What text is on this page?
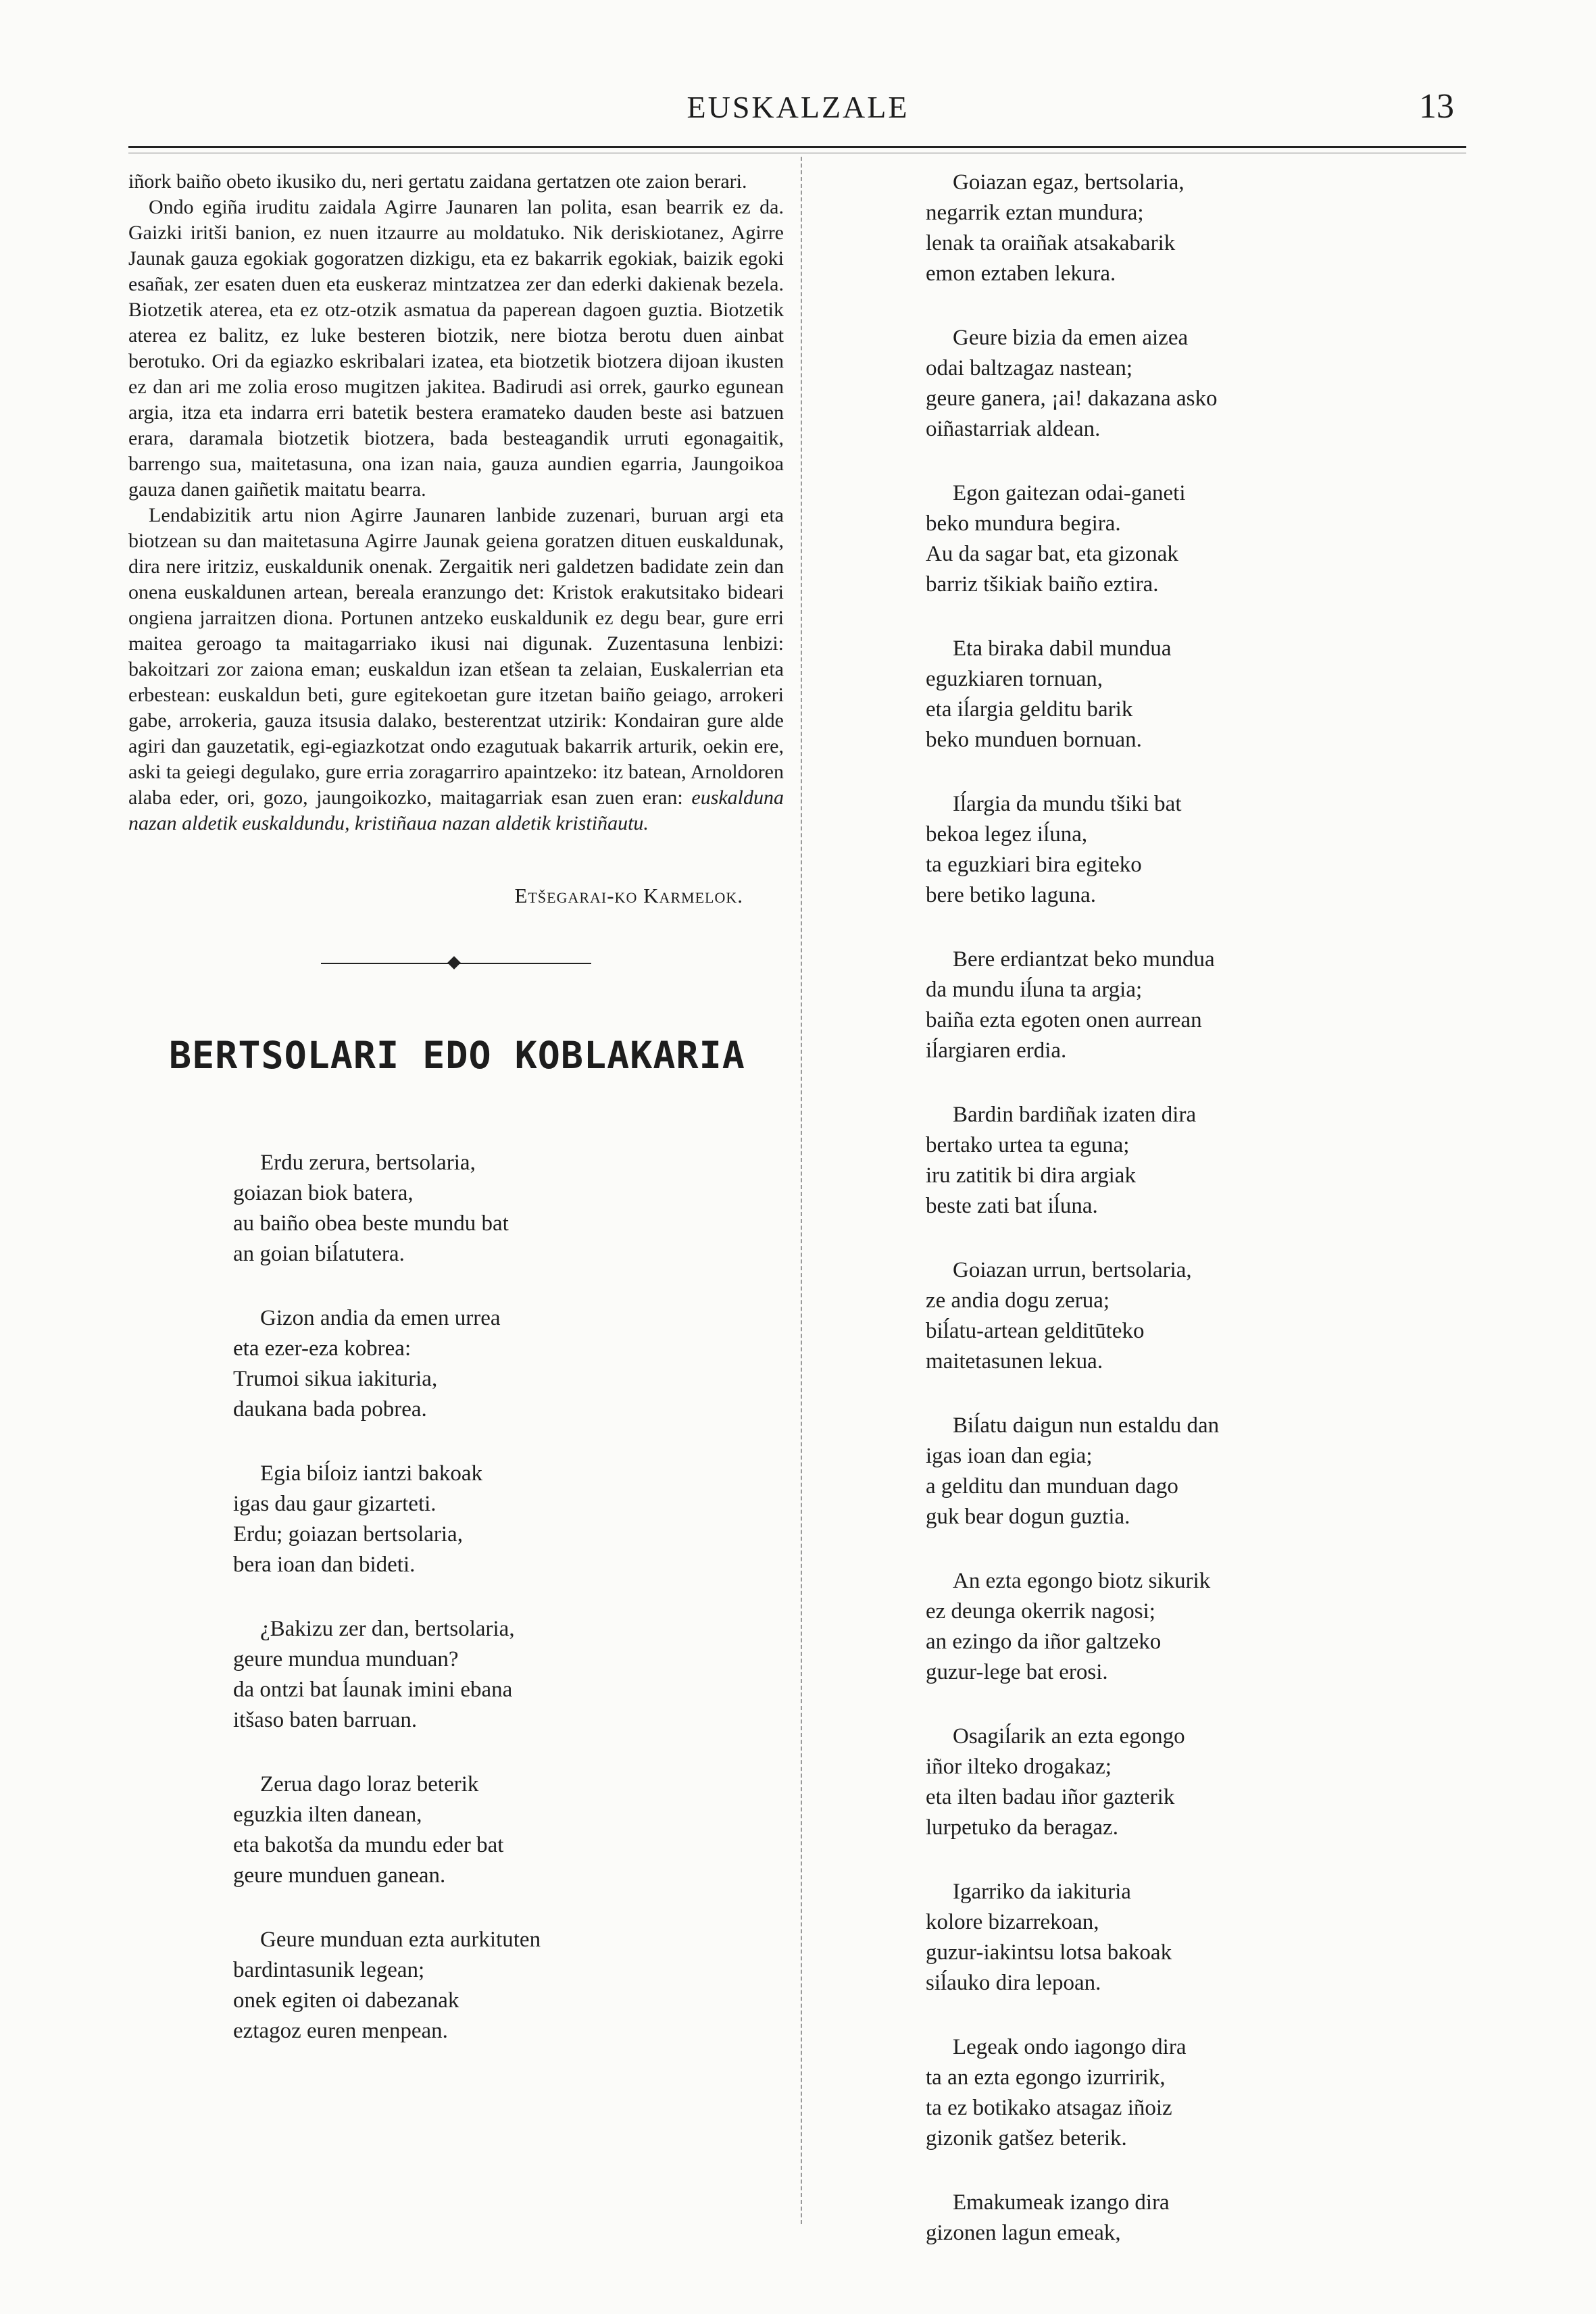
EUSKALZALE	13

iñork baiño obeto ikusiko du, neri gertatu zaidana gertatzen ote zaion berari.

Ondo egiña iruditu zaidala Agirre Jaunaren lan polita, esan bearrik ez da. Gaizki iritši banion, ez nuen itzaurre au moldatuko. Nik deriskiotanez, Agirre Jaunak gauza egokiak gogoratzen dizkigu, eta ez bakarrik egokiak, baizik egoki esañak, zer esaten duen eta euskeraz mintzatzea zer dan ederki dakienak bezela. Biotzetik aterea, eta ez otz-otzik asmatua da paperean dagoen guztia. Biotzetik aterea ez balitz, ez luke besteren biotzik, nere biotza berotu duen ainbat berotuko. Ori da egiazko eskribalari izatea, eta biotzetik biotzera dijoan ikusten ez dan ari me zolia eroso mugitzen jakitea. Badirudi asi orrek, gaurko egunean argia, itza eta indarra erri batetik bestera eramateko dauden beste asi batzuen erara, daramala biotzetik biotzera, bada besteagandik urruti egonagaitik, barrengo sua, maitetasuna, ona izan naia, gauza aundien egarria, Jaungoikoa gauza danen gaiñetik maitatu bearra.

Lendabizitik artu nion Agirre Jaunaren lanbide zuzenari, buruan argi eta biotzean su dan maitetasuna Agirre Jaunak geiena goratzen dituen euskaldunak, dira nere iritziz, euskaldunik onenak. Zergaitik neri galdetzen badidate zein dan onena euskaldunen artean, bereala eranzungo det: Kristok erakutsitako bideari ongiena jarraitzen diona. Portunen antzeko euskaldunik ez degu bear, gure erri maitea geroago ta maitagarriako ikusi nai digunak. Zuzentasuna lenbizi: bakoitzari zor zaiona eman; euskaldun izan etšean ta zelaian, Euskalerrian eta erbestean: euskaldun beti, gure egitekoetan gure itzetan baiño geiago, arrokeri gabe, arrokeria, gauza itsusia dalako, besterentzat utzirik: Kondairan gure alde agiri dan gauzetatik, egi-egiazkotzat ondo ezagutuak bakarrik arturik, oekin ere, aski ta geiegi degulako, gure erria zoragarriro apaintzeko: itz batean, Arnoldoren alaba eder, ori, gozo, jaungoikozko, maitagarriak esan zuen eran: euskalduna nazan aldetik euskaldundu, kristiñaua nazan aldetik kristiñautu.

Etšegarai-ko Karmelok.
BERTSOLARI EDO KOBLAKARIA
Erdu zerura, bertsolaria,
goiazan biok batera,
au baiño obea beste mundu bat
an goian biĺatutera.
Gizon andia da emen urrea
eta ezer-eza kobrea:
Trumoi sikua iakituria,
daukana bada pobrea.
Egia biĺoiz iantzi bakoak
igas dau gaur gizarteti.
Erdu; goiazan bertsolaria,
bera ioan dan bideti.
¿Bakizu zer dan, bertsolaria,
geure mundua munduan?
da ontzi bat ĺaunak imini ebana
itšaso baten barruan.
Zerua dago loraz beterik
eguzkia ilten danean,
eta bakotša da mundu eder bat
geure munduen ganean.
Geure munduan ezta aurkituten
bardintasunik legean;
onek egiten oi dabezanak
eztagoz euren menpean.
Goiazan egaz, bertsolaria,
negarrik eztan mundura;
lenak ta oraiñak atsakabarik
emon eztaben lekura.
Geure bizia da emen aizea
odai baltzagaz nastean;
geure ganera, ¡ai! dakazana asko
oiñastarriak aldean.
Egon gaitezan odai-ganeti
beko mundura begira.
Au da sagar bat, eta gizonak
barriz tšikiak baiño eztira.
Eta biraka dabil mundua
eguzkiaren tornuan,
eta iĺargia gelditu barik
beko munduen bornuan.
Iĺargia da mundu tšiki bat
bekoa legez iĺuna,
ta eguzkiari bira egiteko
bere betiko laguna.
Bere erdiantzat beko mundua
da mundu iĺuna ta argia;
baiña ezta egoten onen aurrean
iĺargiaren erdia.
Bardin bardiñak izaten dira
bertako urtea ta eguna;
iru zatitik bi dira argiak
beste zati bat iĺuna.
Goiazan urrun, bertsolaria,
ze andia dogu zerua;
biĺatu-artean gelditūteko
maitetasunen lekua.
Biĺatu daigun nun estaldu dan
igas ioan dan egia;
a gelditu dan munduan dago
guk bear dogun guztia.
An ezta egongo biotz sikurik
ez deunga okerrik nagosi;
an ezingo da iñor galtzeko
guzur-lege bat erosi.
Osagiĺarik an ezta egongo
iñor ilteko drogakaz;
eta ilten badau iñor gazterik
lurpetuko da beragaz.
Igarriko da iakituria
kolore bizarrekoan,
guzur-iakintsu lotsa bakoak
siĺauko dira lepoan.
Legeak ondo iagongo dira
ta an ezta egongo izurririk,
ta ez botikako atsagaz iñoiz
gizonik gatšez beterik.
Emakumeak izango dira
gizonen lagun emeak,
